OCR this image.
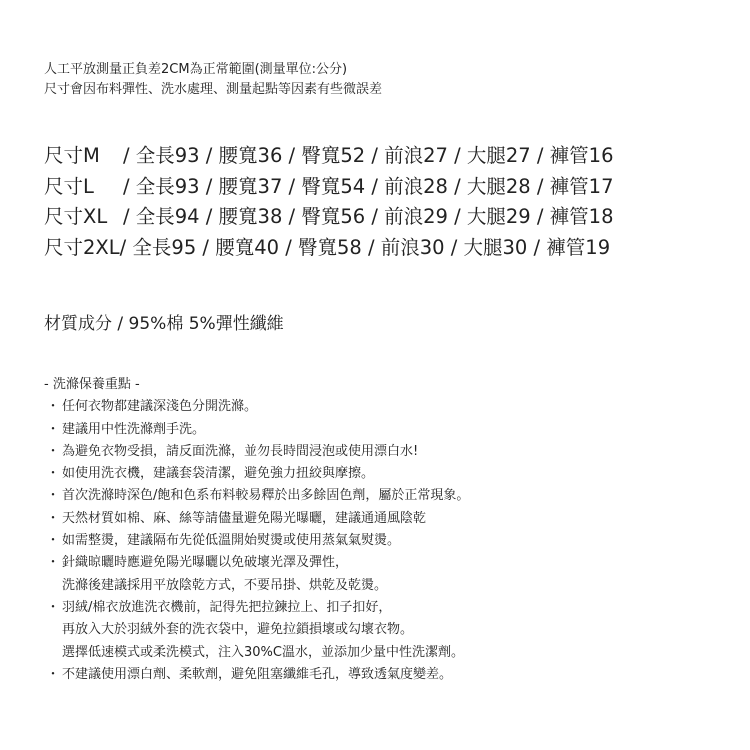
人工平放測量正負差2CM為正常範圍(測量單位:公分)
尺寸會因布料彈性、洗水處理、測量起點等因素有些微誤差
尺寸M	/ 全長93 / 腰寬36 / 臀寬52 / 前浪27 / 大腿27 / 褲管16
尺寸L	/ 全長93 / 腰寬37 / 臀寬54 / 前浪28 / 大腿28 / 褲管17
尺寸XL / 全長94 / 腰寬38 / 臀寬56 / 前浪29 / 大腿29 / 褲管18
尺寸2XL / 全長95 / 腰寬40 / 臀寬58 / 前浪30 / 大腿30 / 褲管19
材質成分 / 95%棉 5%彈性纖維
- 洗滌保養重點 -
・ 任何衣物都建議深淺色分開洗滌。
・ 建議用中性洗滌劑手洗。
・ 為避免衣物受損，請反面洗滌，並勿長時間浸泡或使用漂白水!
・ 如使用洗衣機，建議套袋清潔，避免強力扭絞與摩擦。
・ 首次洗滌時深色/飽和色系布料較易釋於出多餘固色劑，屬於正常現象。
・ 天然材質如棉、麻、絲等請儘量避免陽光曝曬，建議通通風陰乾
・ 如需整燙，建議隔布先從低溫開始熨燙或使用蒸氣氣熨燙。
・ 針織晾曬時應避免陽光曝曬以免破壞光澤及彈性，
洗滌後建議採用平放陰乾方式，不要吊掛、烘乾及乾燙。
・ 羽絨/棉衣放進洗衣機前，記得先把拉鍊拉上、扣子扣好，
再放入大於羽絨外套的洗衣袋中，避免拉鎖損壞或勾壞衣物。
選擇低速模式或柔洗模式，注入30%C溫水，並添加少量中性洗潔劑。
・ 不建議使用漂白劑、柔軟劑，避免阻塞纖維毛孔，導致透氣度變差。
